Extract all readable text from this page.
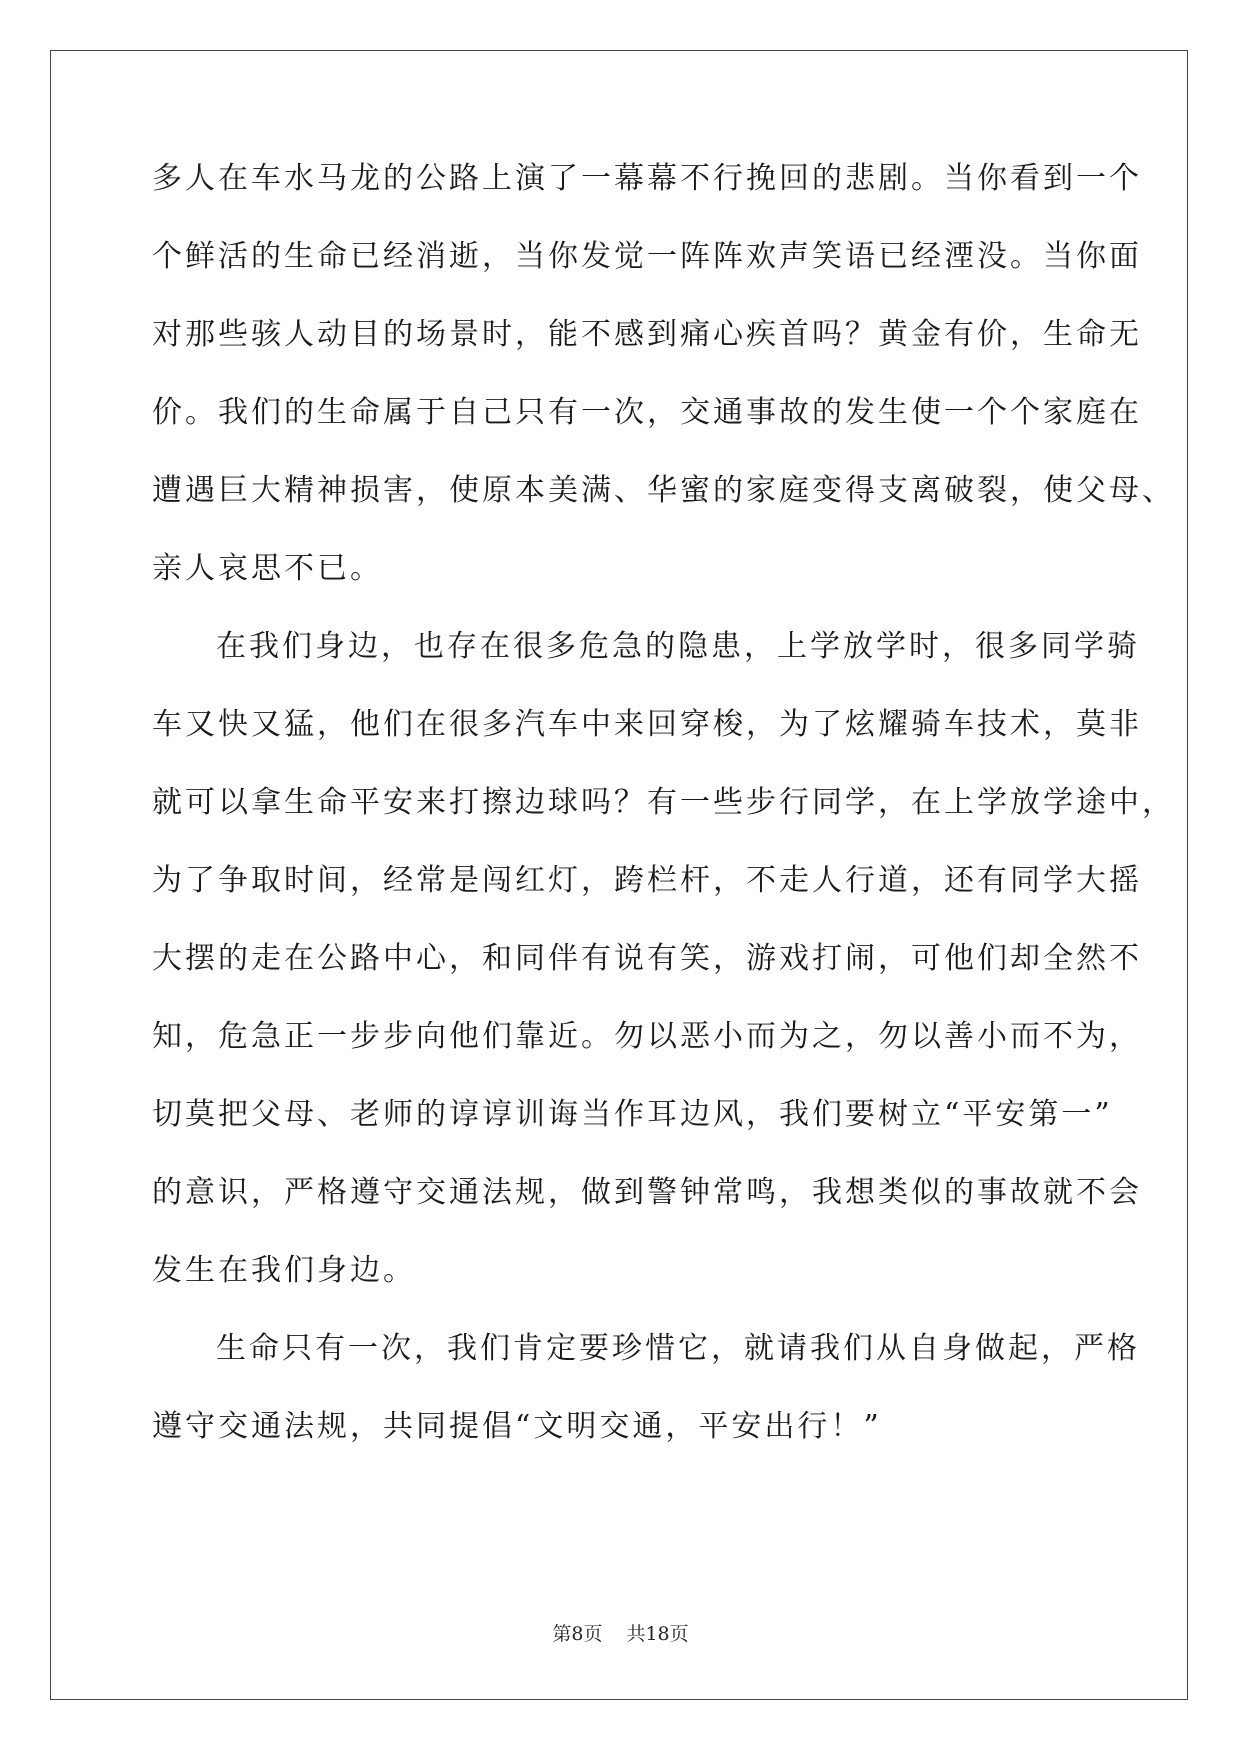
多人在车水马龙的公路上演了一幕幕不行挽回的悲剧。当你看到一个
个鲜活的生命已经消逝，当你发觉一阵阵欢声笑语已经湮没。当你面
对那些骇人动目的场景时，能不感到痛心疾首吗？黄金有价，生命无
价。我们的生命属于自己只有一次，交通事故的发生使一个个家庭在
遭遇巨大精神损害，使原本美满、华蜜的家庭变得支离破裂，使父母、
亲人哀思不已。
在我们身边，也存在很多危急的隐患，上学放学时，很多同学骑
车又快又猛，他们在很多汽车中来回穿梭，为了炫耀骑车技术，莫非
就可以拿生命平安来打擦边球吗？有一些步行同学，在上学放学途中，
为了争取时间，经常是闯红灯，跨栏杆，不走人行道，还有同学大摇
大摆的走在公路中心，和同伴有说有笑，游戏打闹，可他们却全然不
知，危急正一步步向他们靠近。勿以恶小而为之，勿以善小而不为，
切莫把父母、老师的谆谆训诲当作耳边风，我们要树立“平安第一”
的意识，严格遵守交通法规，做到警钟常鸣，我想类似的事故就不会
发生在我们身边。
生命只有一次，我们肯定要珍惜它，就请我们从自身做起，严格
遵守交通法规，共同提倡“文明交通，平安出行！”
第8页 共18页
